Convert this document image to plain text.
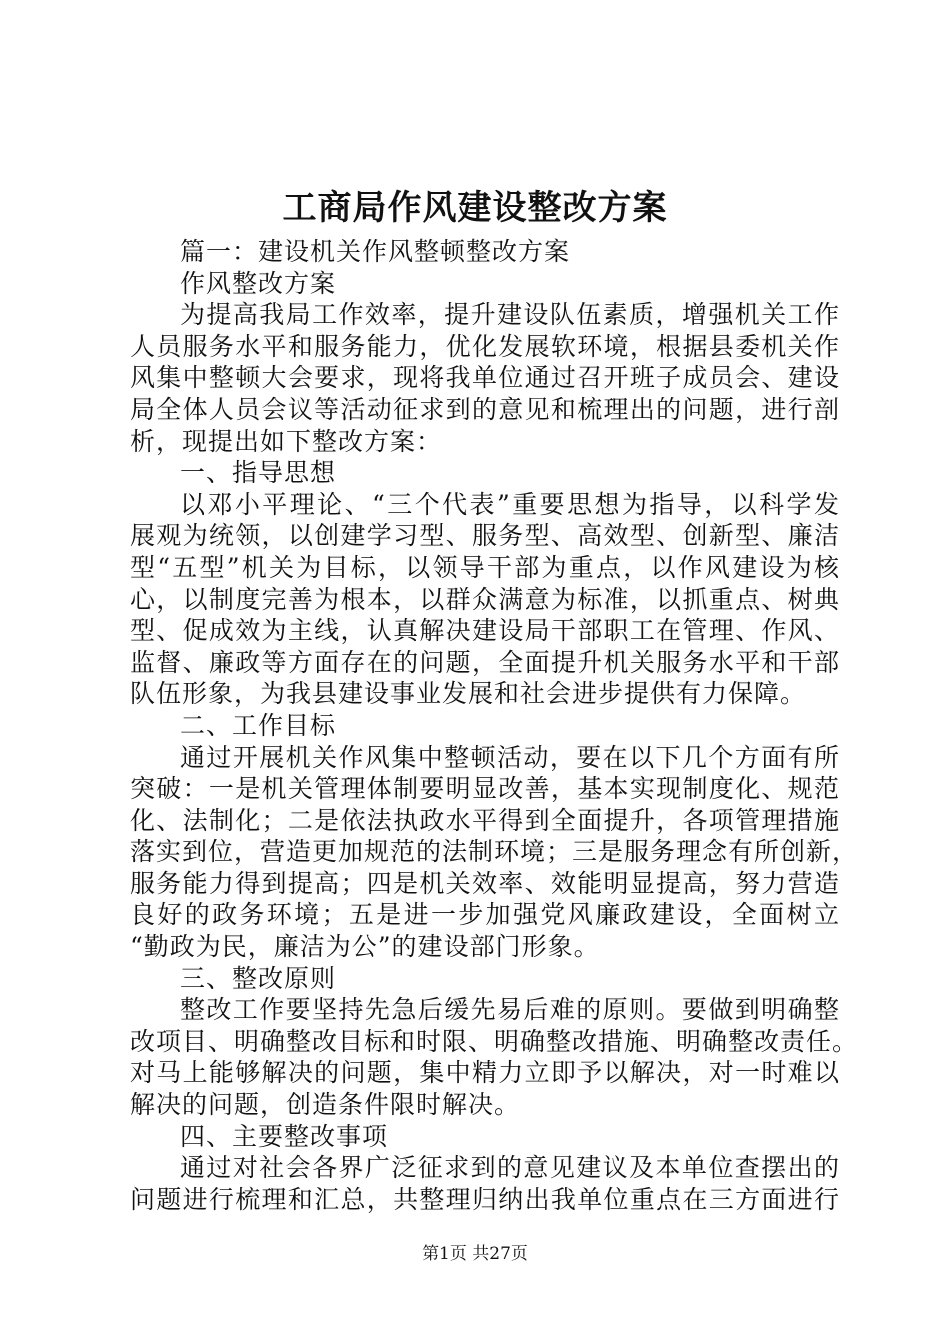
工商局作风建设整改方案

篇一：建设机关作风整顿整改方案

作风整改方案

为提高我局工作效率，提升建设队伍素质，增强机关工作

人员服务水平和服务能力，优化发展软环境，根据县委机关作

风集中整顿大会要求，现将我单位通过召开班子成员会、建设

局全体人员会议等活动征求到的意见和梳理出的问题，进行剖

析，现提出如下整改方案：

一、指导思想

以邓小平理论、“三个代表”重要思想为指导，以科学发

展观为统领，以创建学习型、服务型、高效型、创新型、廉洁

型“五型”机关为目标，以领导干部为重点，以作风建设为核

心，以制度完善为根本，以群众满意为标准，以抓重点、树典

型、促成效为主线，认真解决建设局干部职工在管理、作风、

监督、廉政等方面存在的问题，全面提升机关服务水平和干部

队伍形象，为我县建设事业发展和社会进步提供有力保障。

二、工作目标

通过开展机关作风集中整顿活动，要在以下几个方面有所

突破：一是机关管理体制要明显改善，基本实现制度化、规范

化、法制化；二是依法执政水平得到全面提升，各项管理措施

落实到位，营造更加规范的法制环境；三是服务理念有所创新，

服务能力得到提高；四是机关效率、效能明显提高，努力营造

良好的政务环境；五是进一步加强党风廉政建设，全面树立

“勤政为民，廉洁为公”的建设部门形象。

三、整改原则

整改工作要坚持先急后缓先易后难的原则。要做到明确整

改项目、明确整改目标和时限、明确整改措施、明确整改责任。

对马上能够解决的问题，集中精力立即予以解决，对一时难以

解决的问题，创造条件限时解决。

四、主要整改事项

通过对社会各界广泛征求到的意见建议及本单位查摆出的

问题进行梳理和汇总，共整理归纳出我单位重点在三方面进行

第1页 共27页
